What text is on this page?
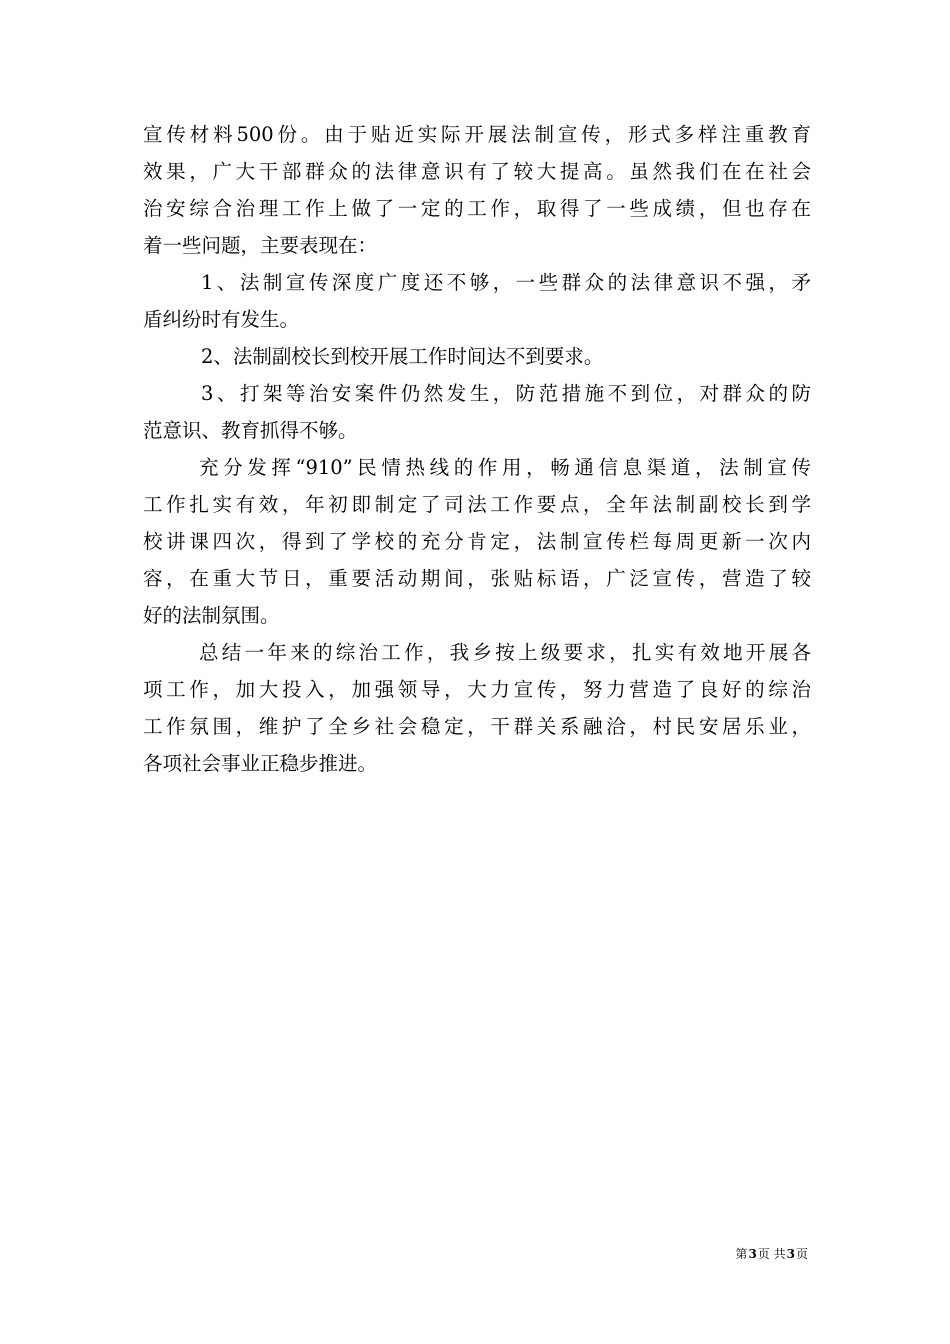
宣传材料500份。由于贴近实际开展法制宣传，形式多样注重教育
效果，广大干部群众的法律意识有了较大提高。虽然我们在在社会
治安综合治理工作上做了一定的工作，取得了一些成绩，但也存在
着一些问题，主要表现在：
1、法制宣传深度广度还不够，一些群众的法律意识不强，矛
盾纠纷时有发生。
2、法制副校长到校开展工作时间达不到要求。
3、打架等治安案件仍然发生，防范措施不到位，对群众的防
范意识、教育抓得不够。
充分发挥“910”民情热线的作用，畅通信息渠道，法制宣传
工作扎实有效，年初即制定了司法工作要点，全年法制副校长到学
校讲课四次，得到了学校的充分肯定，法制宣传栏每周更新一次内
容，在重大节日，重要活动期间，张贴标语，广泛宣传，营造了较
好的法制氛围。
总结一年来的综治工作，我乡按上级要求，扎实有效地开展各
项工作，加大投入，加强领导，大力宣传，努力营造了良好的综治
工作氛围，维护了全乡社会稳定，干群关系融洽，村民安居乐业，
各项社会事业正稳步推进。
第3页 共3页
